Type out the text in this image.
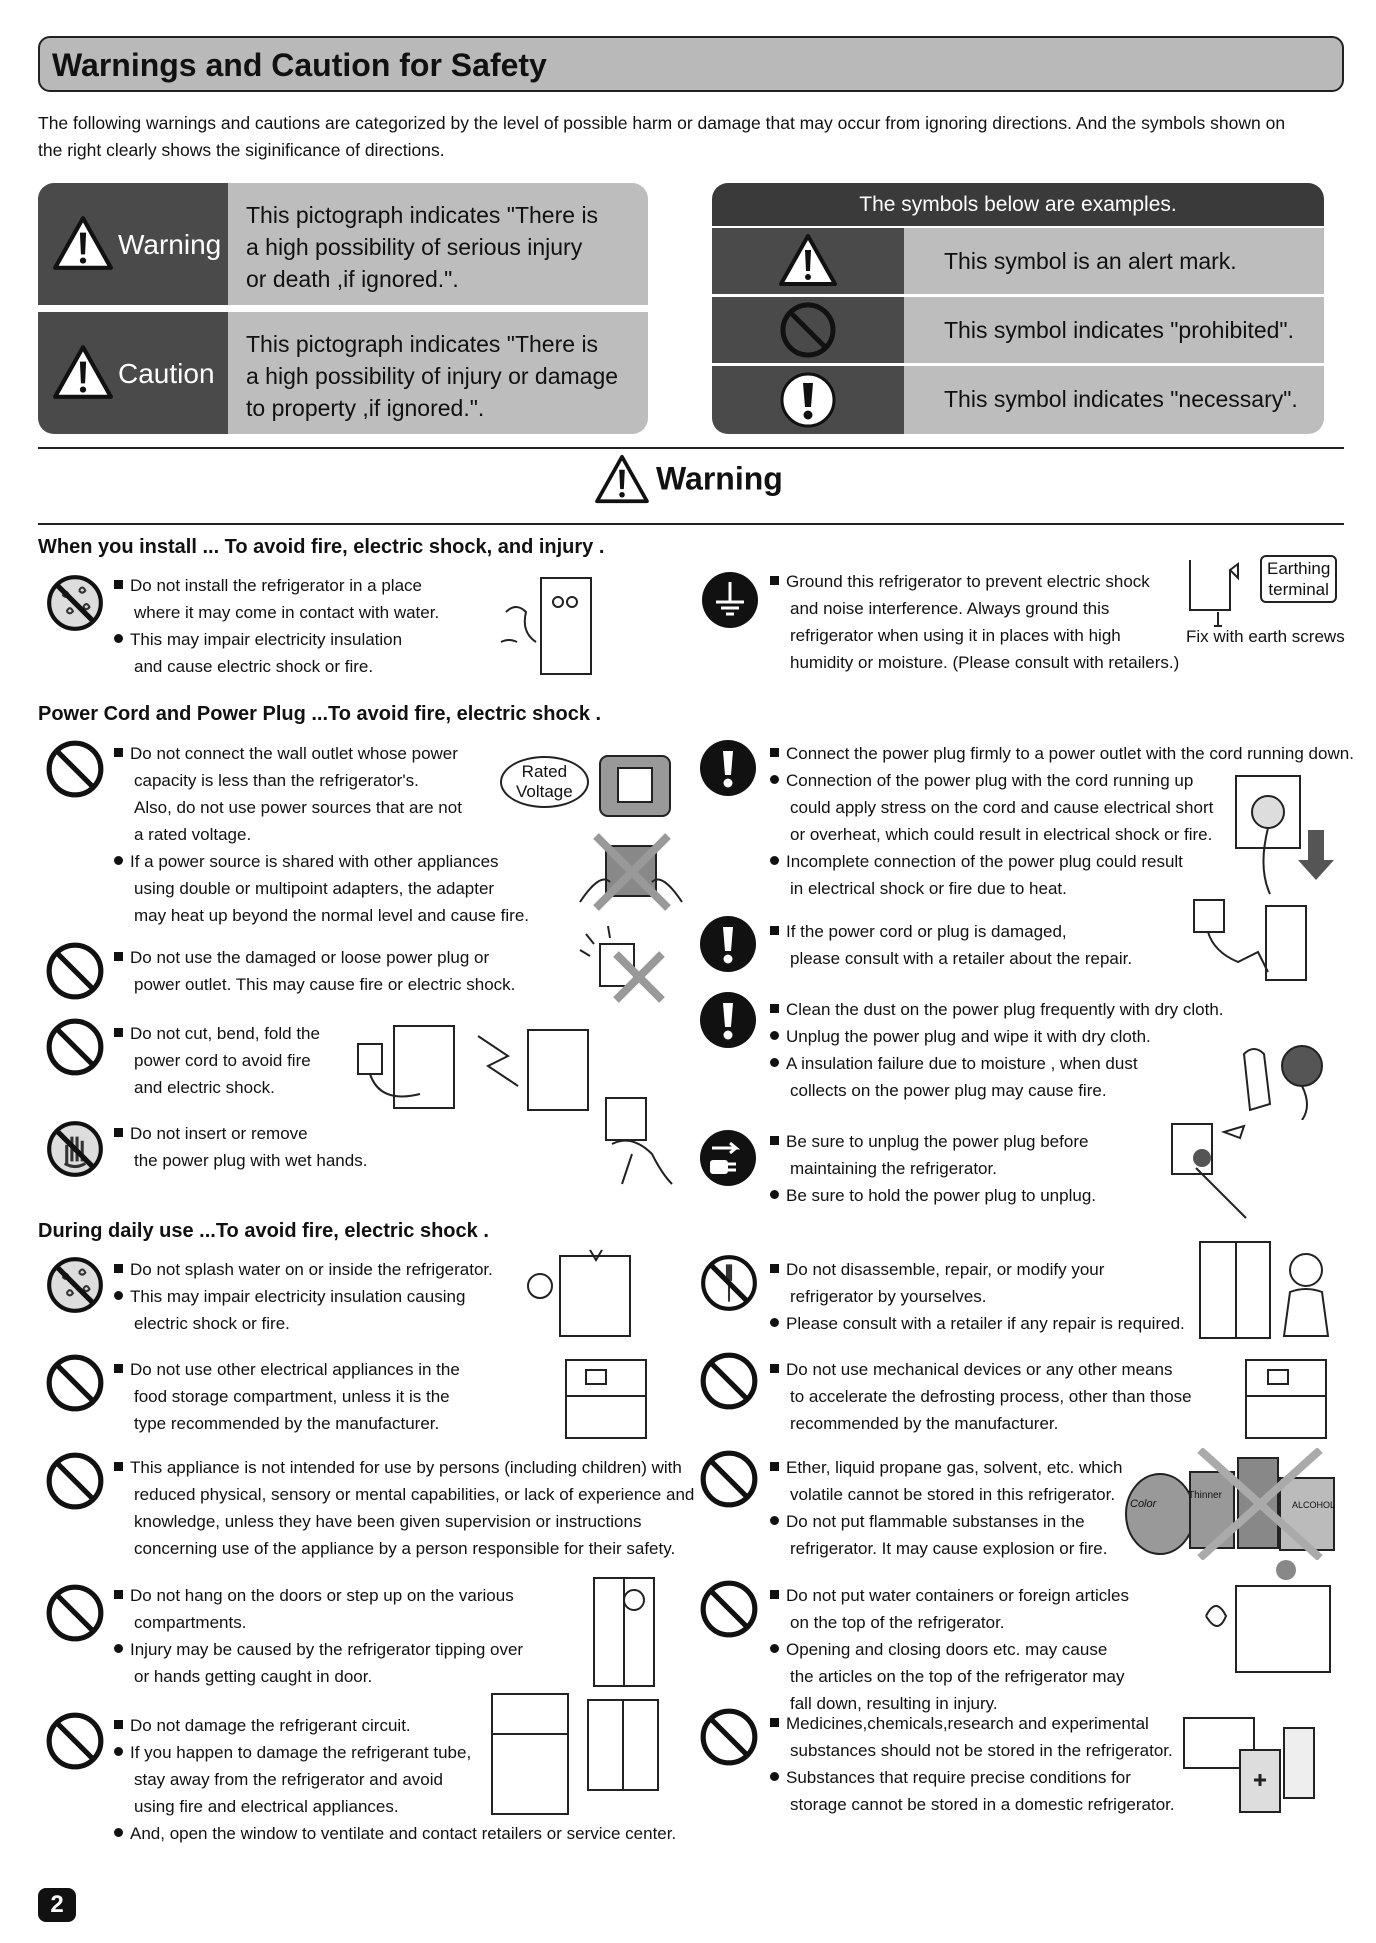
Warnings and Caution for Safety
The following warnings and cautions are categorized by the level of possible harm or damage that may occur from ignoring directions. And the symbols shown on
the right clearly shows the siginificance of directions.
Warning
This pictograph indicates "There is
a high possibility of serious injury
or death ,if ignored.".
Caution
This pictograph indicates "There is
a high possibility of injury or damage
to property ,if ignored.".
The symbols below are examples.
This symbol is an alert mark.
This symbol indicates "prohibited".
This symbol indicates "necessary".
Warning
When you install ... To avoid fire, electric shock, and injury .
Do not install the refrigerator in a place
where it may come in contact with water.
This may impair electricity insulation
and cause electric shock or fire.
Ground this refrigerator to prevent electric shock
and noise interference. Always ground this
refrigerator when using it in places with high
humidity or moisture. (Please consult with retailers.)
Earthing
terminal
Fix with earth screws
Power Cord and Power Plug ...To avoid fire, electric shock .
Do not connect the wall outlet whose power
capacity is less than the refrigerator's.
Also, do not use power sources that are not
a rated voltage.
If a power source is shared with other appliances
using double or multipoint adapters, the adapter
may heat up beyond the normal level and cause fire.
Rated
Voltage
Do not use the damaged or loose power plug or
power outlet. This may cause fire or electric shock.
Do not cut, bend, fold the
power cord to avoid fire
and electric shock.
Do not insert or remove
the power plug with wet hands.
Connect the power plug firmly to a power outlet with the cord running down.
Connection of the power plug with the cord running up
could apply stress on the cord and cause electrical short
or overheat, which could result in electrical shock or fire.
Incomplete connection of the power plug could result
in electrical shock or fire due to heat.
If the power cord or plug is damaged,
please consult with a retailer about the repair.
Clean the dust on the power plug frequently with dry cloth.
Unplug the power plug and wipe it with dry cloth.
A insulation failure due to moisture , when dust
collects on the power plug may cause fire.
Be sure to unplug the power plug before
maintaining the refrigerator.
Be sure to hold the power plug to unplug.
During daily use ...To avoid fire, electric shock .
Do not splash water on or inside the refrigerator.
This may impair electricity insulation causing
electric shock or fire.
Do not use other electrical appliances in the
food storage compartment, unless it is the
type recommended by the manufacturer.
This appliance is not intended for use by persons (including children) with
reduced physical, sensory or mental capabilities, or lack of experience and
knowledge, unless they have been given supervision or instructions
concerning use of the appliance by a person responsible for their safety.
Do not hang on the doors or step up on the various
compartments.
Injury may be caused by the refrigerator tipping over
or hands getting caught in door.
Do not damage the refrigerant circuit.
If you happen to damage the refrigerant tube,
stay away from the refrigerator and avoid
using fire and electrical appliances.
And, open the window to ventilate and contact retailers or service center.
Do not disassemble, repair, or modify your
refrigerator by yourselves.
Please consult with a retailer if any repair is required.
Do not use mechanical devices or any other means
to accelerate the defrosting process, other than those
recommended by the manufacturer.
Ether, liquid propane gas, solvent, etc. which
volatile cannot be stored in this refrigerator.
Do not put flammable substanses in the
refrigerator. It may cause explosion or fire.
Color
Thinner
ALCOHOL
Do not put water containers or foreign articles
on the top of the refrigerator.
Opening and closing doors etc. may cause
the articles on the top of the refrigerator may
fall down, resulting in injury.
Medicines,chemicals,research and experimental
substances should not be stored in the refrigerator.
Substances that require precise conditions for
storage cannot be stored in a domestic refrigerator.
2
